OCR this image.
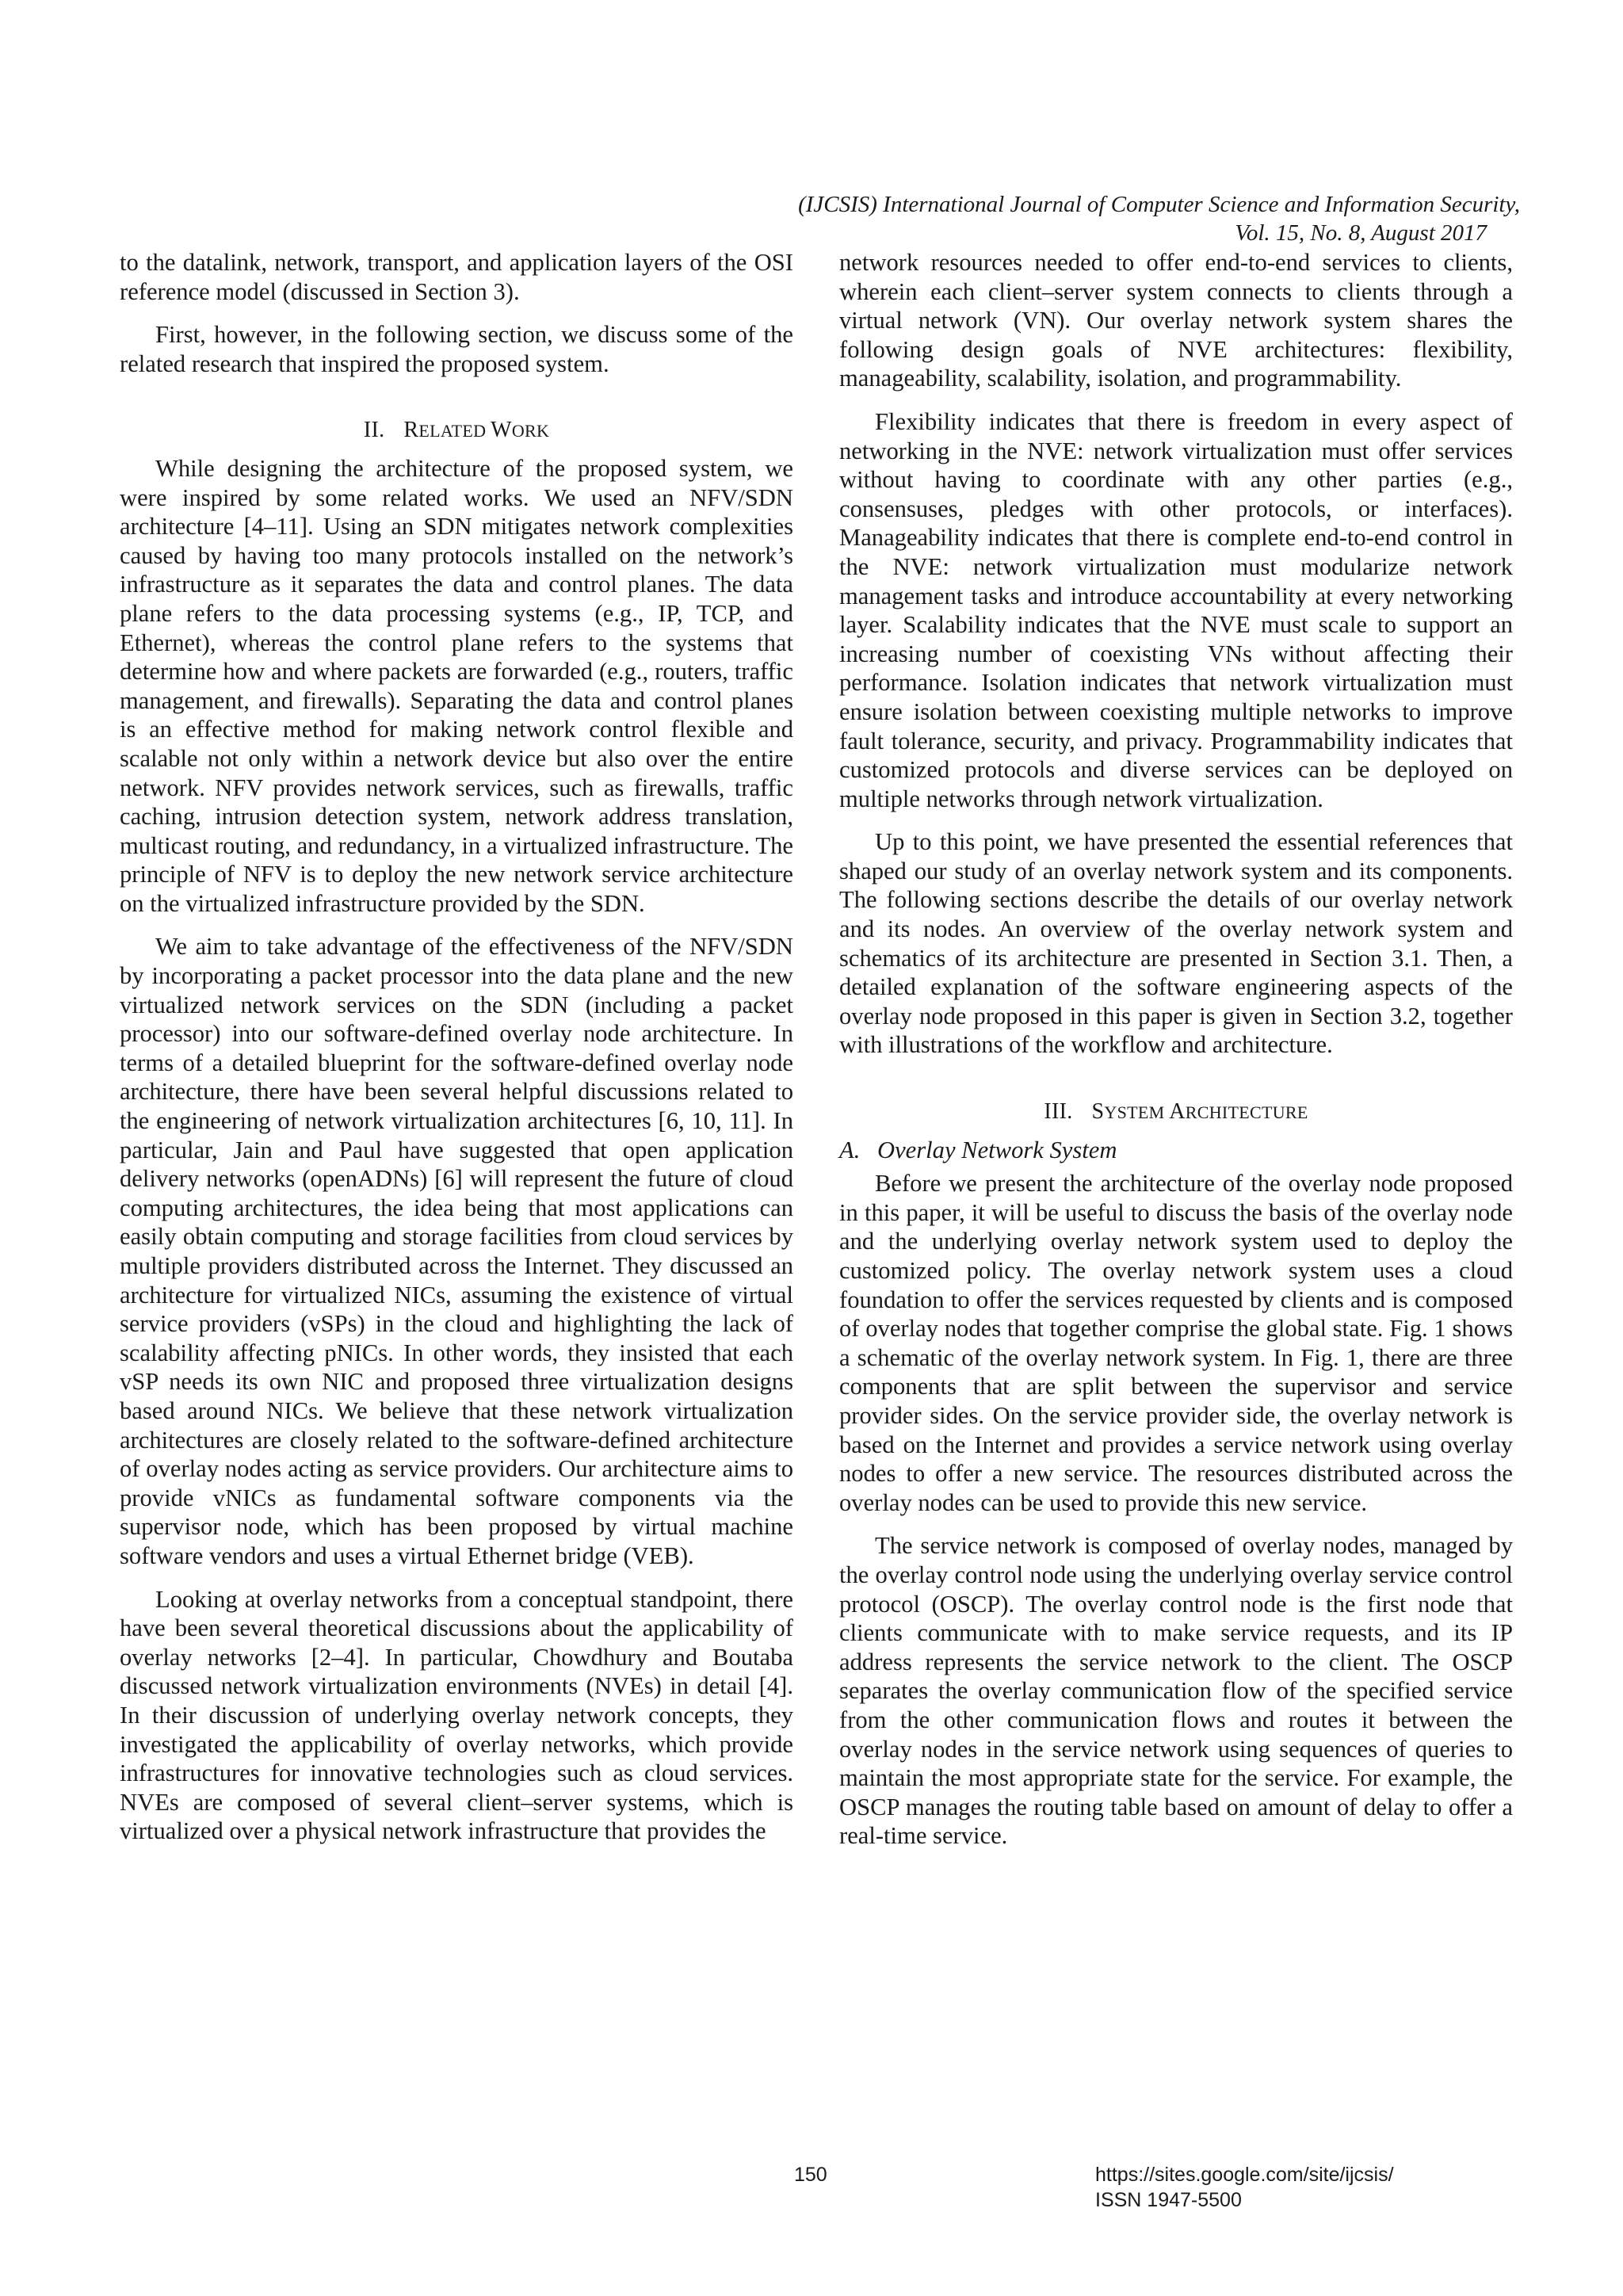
(IJCSIS) International Journal of Computer Science and Information Security,
Vol. 15, No. 8, August 2017

to the datalink, network, transport, and application layers of the OSI reference model (discussed in Section 3).

First, however, in the following section, we discuss some of the related research that inspired the proposed system.

II. RELATED WORK

While designing the architecture of the proposed system, we were inspired by some related works. We used an NFV/SDN architecture [4–11]. Using an SDN mitigates network complexities caused by having too many protocols installed on the network’s infrastructure as it separates the data and control planes. The data plane refers to the data processing systems (e.g., IP, TCP, and Ethernet), whereas the control plane refers to the systems that determine how and where packets are forwarded (e.g., routers, traffic management, and firewalls). Separating the data and control planes is an effective method for making network control flexible and scalable not only within a network device but also over the entire network. NFV provides network services, such as firewalls, traffic caching, intrusion detection system, network address translation, multicast routing, and redundancy, in a virtualized infrastructure. The principle of NFV is to deploy the new network service architecture on the virtualized infrastructure provided by the SDN.

We aim to take advantage of the effectiveness of the NFV/SDN by incorporating a packet processor into the data plane and the new virtualized network services on the SDN (including a packet processor) into our software-defined overlay node architecture. In terms of a detailed blueprint for the software-defined overlay node architecture, there have been several helpful discussions related to the engineering of network virtualization architectures [6, 10, 11]. In particular, Jain and Paul have suggested that open application delivery networks (openADNs) [6] will represent the future of cloud computing architectures, the idea being that most applications can easily obtain computing and storage facilities from cloud services by multiple providers distributed across the Internet. They discussed an architecture for virtualized NICs, assuming the existence of virtual service providers (vSPs) in the cloud and highlighting the lack of scalability affecting pNICs. In other words, they insisted that each vSP needs its own NIC and proposed three virtualization designs based around NICs. We believe that these network virtualization architectures are closely related to the software-defined architecture of overlay nodes acting as service providers. Our architecture aims to provide vNICs as fundamental software components via the supervisor node, which has been proposed by virtual machine software vendors and uses a virtual Ethernet bridge (VEB).

Looking at overlay networks from a conceptual standpoint, there have been several theoretical discussions about the applicability of overlay networks [2–4]. In particular, Chowdhury and Boutaba discussed network virtualization environments (NVEs) in detail [4]. In their discussion of underlying overlay network concepts, they investigated the applicability of overlay networks, which provide infrastructures for innovative technologies such as cloud services. NVEs are composed of several client–server systems, which is virtualized over a physical network infrastructure that provides the

network resources needed to offer end-to-end services to clients, wherein each client–server system connects to clients through a virtual network (VN). Our overlay network system shares the following design goals of NVE architectures: flexibility, manageability, scalability, isolation, and programmability.

Flexibility indicates that there is freedom in every aspect of networking in the NVE: network virtualization must offer services without having to coordinate with any other parties (e.g., consensuses, pledges with other protocols, or interfaces). Manageability indicates that there is complete end-to-end control in the NVE: network virtualization must modularize network management tasks and introduce accountability at every networking layer. Scalability indicates that the NVE must scale to support an increasing number of coexisting VNs without affecting their performance. Isolation indicates that network virtualization must ensure isolation between coexisting multiple networks to improve fault tolerance, security, and privacy. Programmability indicates that customized protocols and diverse services can be deployed on multiple networks through network virtualization.

Up to this point, we have presented the essential references that shaped our study of an overlay network system and its components. The following sections describe the details of our overlay network and its nodes. An overview of the overlay network system and schematics of its architecture are presented in Section 3.1. Then, a detailed explanation of the software engineering aspects of the overlay node proposed in this paper is given in Section 3.2, together with illustrations of the workflow and architecture.

III. SYSTEM ARCHITECTURE
A. Overlay Network System

Before we present the architecture of the overlay node proposed in this paper, it will be useful to discuss the basis of the overlay node and the underlying overlay network system used to deploy the customized policy. The overlay network system uses a cloud foundation to offer the services requested by clients and is composed of overlay nodes that together comprise the global state. Fig. 1 shows a schematic of the overlay network system. In Fig. 1, there are three components that are split between the supervisor and service provider sides. On the service provider side, the overlay network is based on the Internet and provides a service network using overlay nodes to offer a new service. The resources distributed across the overlay nodes can be used to provide this new service.

The service network is composed of overlay nodes, managed by the overlay control node using the underlying overlay service control protocol (OSCP). The overlay control node is the first node that clients communicate with to make service requests, and its IP address represents the service network to the client. The OSCP separates the overlay communication flow of the specified service from the other communication flows and routes it between the overlay nodes in the service network using sequences of queries to maintain the most appropriate state for the service. For example, the OSCP manages the routing table based on amount of delay to offer a real-time service.

150	https://sites.google.com/site/ijcsis/
ISSN 1947-5500
